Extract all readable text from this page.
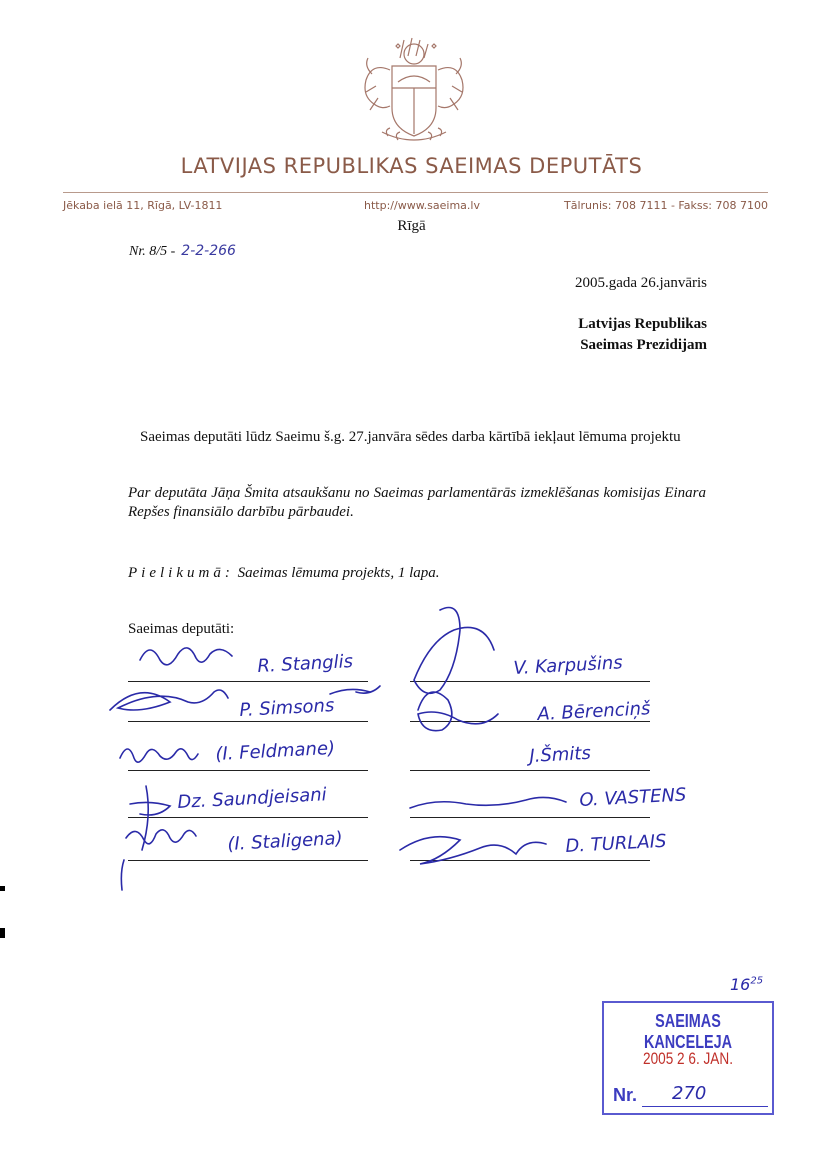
LATVIJAS REPUBLIKAS SAEIMAS DEPUTĀTS
Jēkaba ielā 11, Rīgā, LV-1811	http://www.saeima.lv	Tālrunis: 708 7111 - Fakss: 708 7100
Rīgā
Nr. 8/5 - 2-2-266
2005.gada 26.janvāris
Latvijas Republikas
Saeimas Prezidijam
Saeimas deputāti lūdz Saeimu š.g. 27.janvāra sēdes darba kārtībā iekļaut lēmuma projektu
Par deputāta Jāņa Šmita atsaukšanu no Saeimas parlamentārās izmeklēšanas komisijas Einara Repšes finansiālo darbību pārbaudei.
Pielikumā: Saeimas lēmuma projekts, 1 lapa.
Saeimas deputāti:
R. Stanglis
P. Simsons
(I. Feldmane)
Dz. Saundjeisani
(I. Staligena)
V. Karpušins
A. Bērenciņš
J.Šmits
O. VASTENS
D. TURLAIS
$16^{25}$
SAEIMAS KANCELEJA
2005 2 6. JAN.
Nr. 270
